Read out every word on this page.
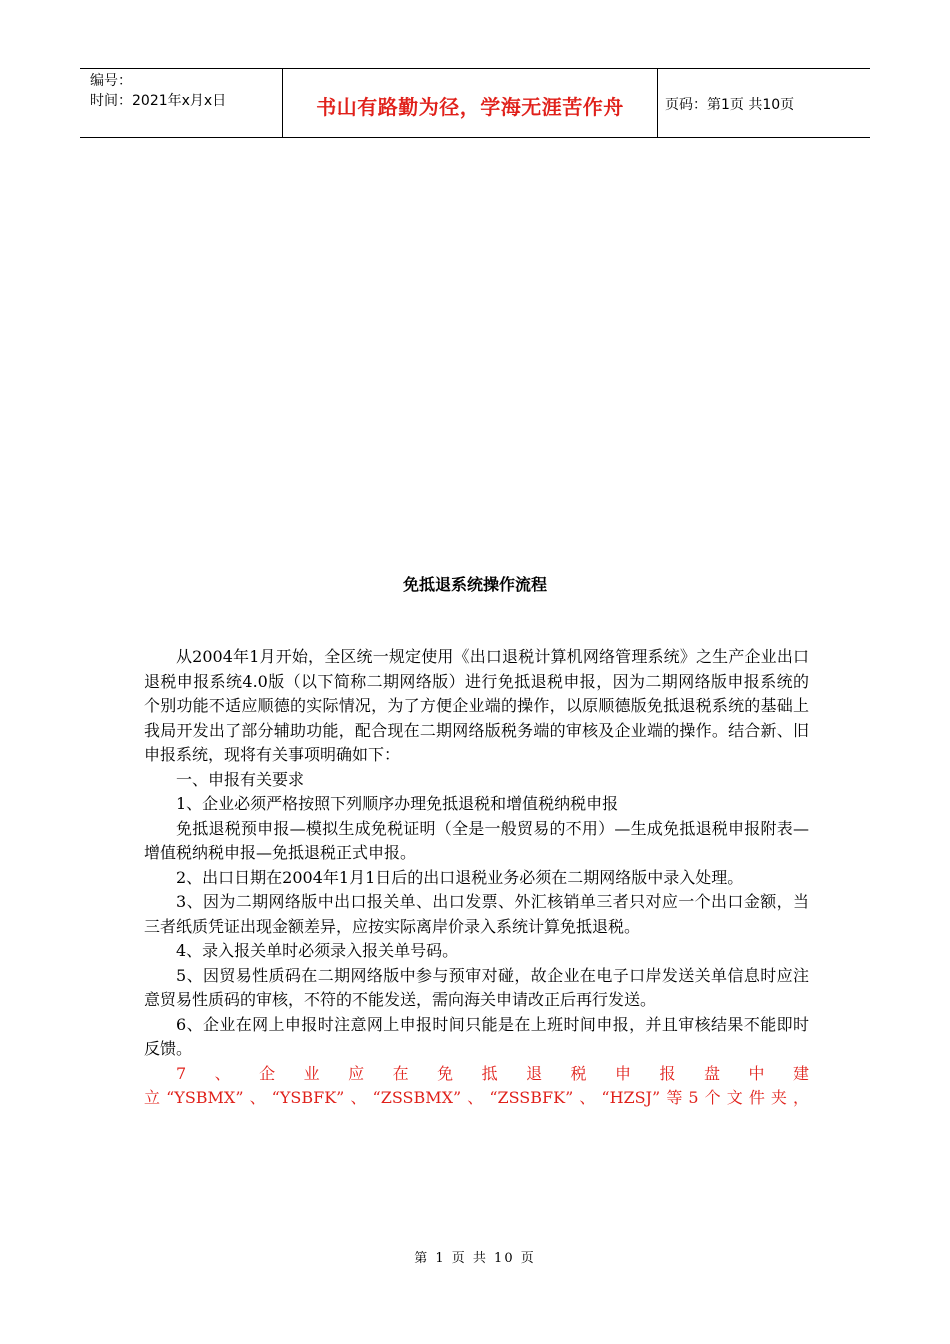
编号：
时间：2021年x月x日	书山有路勤为径，学海无涯苦作舟	页码：第1页 共10页
免抵退系统操作流程

从2004年1月开始，全区统一规定使用《出口退税计算机网络管理系统》之生产企业出口退税申报系统4.0版（以下简称二期网络版）进行免抵退税申报，因为二期网络版申报系统的个别功能不适应顺德的实际情况，为了方便企业端的操作，以原顺德版免抵退税系统的基础上我局开发出了部分辅助功能，配合现在二期网络版税务端的审核及企业端的操作。结合新、旧申报系统，现将有关事项明确如下：

一、申报有关要求

1、企业必须严格按照下列顺序办理免抵退税和增值税纳税申报

免抵退税预申报—模拟生成免税证明（全是一般贸易的不用）—生成免抵退税申报附表—增值税纳税申报—免抵退税正式申报。

2、出口日期在2004年1月1日后的出口退税业务必须在二期网络版中录入处理。

3、因为二期网络版中出口报关单、出口发票、外汇核销单三者只对应一个出口金额，当三者纸质凭证出现金额差异，应按实际离岸价录入系统计算免抵退税。

4、录入报关单时必须录入报关单号码。

5、因贸易性质码在二期网络版中参与预审对碰，故企业在电子口岸发送关单信息时应注意贸易性质码的审核，不符的不能发送，需向海关申请改正后再行发送。

6、企业在网上申报时注意网上申报时间只能是在上班时间申报，并且审核结果不能即时反馈。

7、企业应在免抵退税申报盘中建立“YSBMX”、“YSBFK”、“ZSSBMX”、“ZSSBFK”、“HZSJ”等5个文件夹，

第 1 页 共 10 页
